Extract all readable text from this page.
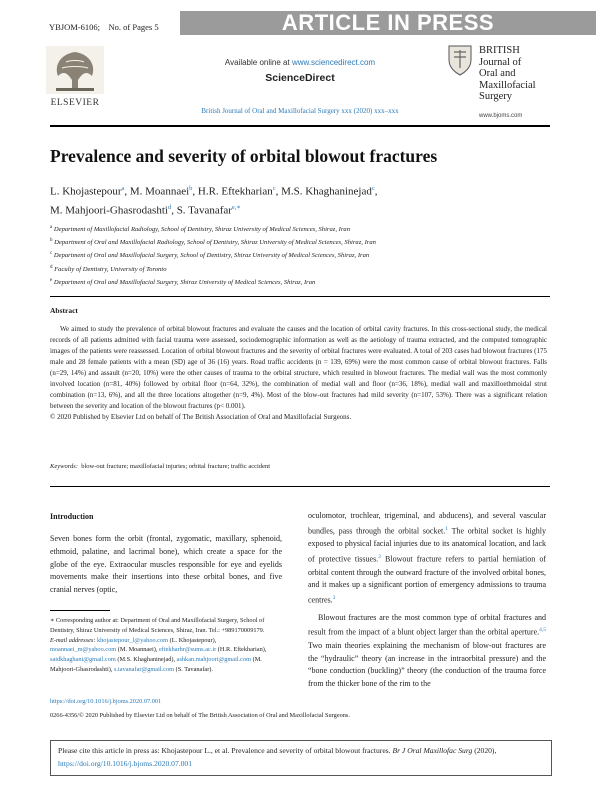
YBJOM-6106; No. of Pages 5	ARTICLE IN PRESS
ELSEVIER
Available online at www.sciencedirect.com
ScienceDirect
British Journal of Oral and Maxillofacial Surgery xxx (2020) xxx–xxx
BRITISH
Journal of
Oral and
Maxillofacial
Surgery
www.bjoms.com
Prevalence and severity of orbital blowout fractures
L. Khojastepour$^a$, M. Moannaei$^b$, H.R. Eftekharian$^c$, M.S. Khaghaninejad$^c$,
M. Mahjoori-Ghasrodashti$^d$, S. Tavanafar$^{e,∗}$
$^a$ Department of Maxillofacial Radiology, School of Dentistry, Shiraz University of Medical Sciences, Shiraz, Iran
$^b$ Department of Oral and Maxillofacial Radiology, School of Dentistry, Shiraz University of Medical Sciences, Shiraz, Iran
$^c$ Department of Oral and Maxillofacial Surgery, School of Dentistry, Shiraz University of Medical Sciences, Shiraz, Iran
$^d$ Faculty of Dentistry, University of Toronto
$^e$ Department of Oral and Maxillofacial Surgery, Shiraz University of Medical Sciences, Shiraz, Iran
Abstract
We aimed to study the prevalence of orbital blowout fractures and evaluate the causes and the location of orbital cavity fractures. In this cross-sectional study, the medical records of all patients admitted with facial trauma were assessed, sociodemographic information as well as the aetiology of trauma extracted, and the computed tomographic images of the patients were reassessed. Location of orbital blowout fractures and the severity of orbital fractures were evaluated. A total of 203 cases had blowout fractures (175 male and 28 female patients with a mean (SD) age of 36 (16) years. Road traffic accidents (n = 139, 69%) were the most common cause of orbital blowout fractures. Falls (n=29, 14%) and assault (n=20, 10%) were the other causes of trauma to the orbital structure, which resulted in blowout fractures. The medial wall was the most commonly involved location (n=81, 40%) followed by orbital floor (n=64, 32%), the combination of medial wall and floor (n=36, 18%), medial wall and maxilloethmoidal strut combination (n=13, 6%), and all the three locations altogether (n=9, 4%). Most of the blow-out fractures had mild severity (n=107, 53%). There was a significant relation between the severity and location of the blowout fractures (p< 0.001).
© 2020 Published by Elsevier Ltd on behalf of The British Association of Oral and Maxillofacial Surgeons.
Keywords: blow-out fracture; maxillofacial injuries; orbital fracture; traffic accident
Introduction
Seven bones form the orbit (frontal, zygomatic, maxillary, sphenoid, ethmoid, palatine, and lacrimal bone), which create a space for the globe of the eye. Extraocular muscles responsible for eye and eyelids movements make their insertions into these orbital bones, and five cranial nerves (optic,
oculomotor, trochlear, trigeminal, and abducens), and several vascular bundles, pass through the orbital socket.$^1$ The orbital socket is highly exposed to physical facial injuries due to its anatomical location, and lack of protective tissues.$^2$ Blowout fracture refers to partial herniation of orbital content through the outward fracture of the involved orbital bones, and it makes up a significant portion of emergency admissions to trauma centres.$^3$
Blowout fractures are the most common type of orbital fractures and result from the impact of a blunt object larger than the orbital aperture.$^{4,5}$ Two main theories explaining the mechanism of blow-out fractures are the “hydraulic” theory (an increase in the intraorbital pressure) and the “bone conduction (buckling)” theory (the conduction of the trauma force from the thicker bone of the rim to the
∗ Corresponding author at: Department of Oral and Maxillofacial Surgery, School of Dentistry, Shiraz University of Medical Sciences, Shiraz, Iran. Tel.: +989170009179.
E-mail addresses: khojastepour_l@yahoo.com (L. Khojastepour), moannaei_m@yahoo.com (M. Moannaei), eftekharhr@sums.ac.ir (H.R. Eftekharian), saidkhaghani@gmail.com (M.S. Khaghaninejad), ashkan.mahjoori@gmail.com (M. Mahjoori-Ghasrodashti), s.tavanafar@gmail.com (S. Tavanafar).
https://doi.org/10.1016/j.bjoms.2020.07.001
0266-4356/© 2020 Published by Elsevier Ltd on behalf of The British Association of Oral and Maxillofacial Surgeons.
Please cite this article in press as: Khojastepour L., et al. Prevalence and severity of orbital blowout fractures. Br J Oral Maxillofac Surg (2020), https://doi.org/10.1016/j.bjoms.2020.07.001
